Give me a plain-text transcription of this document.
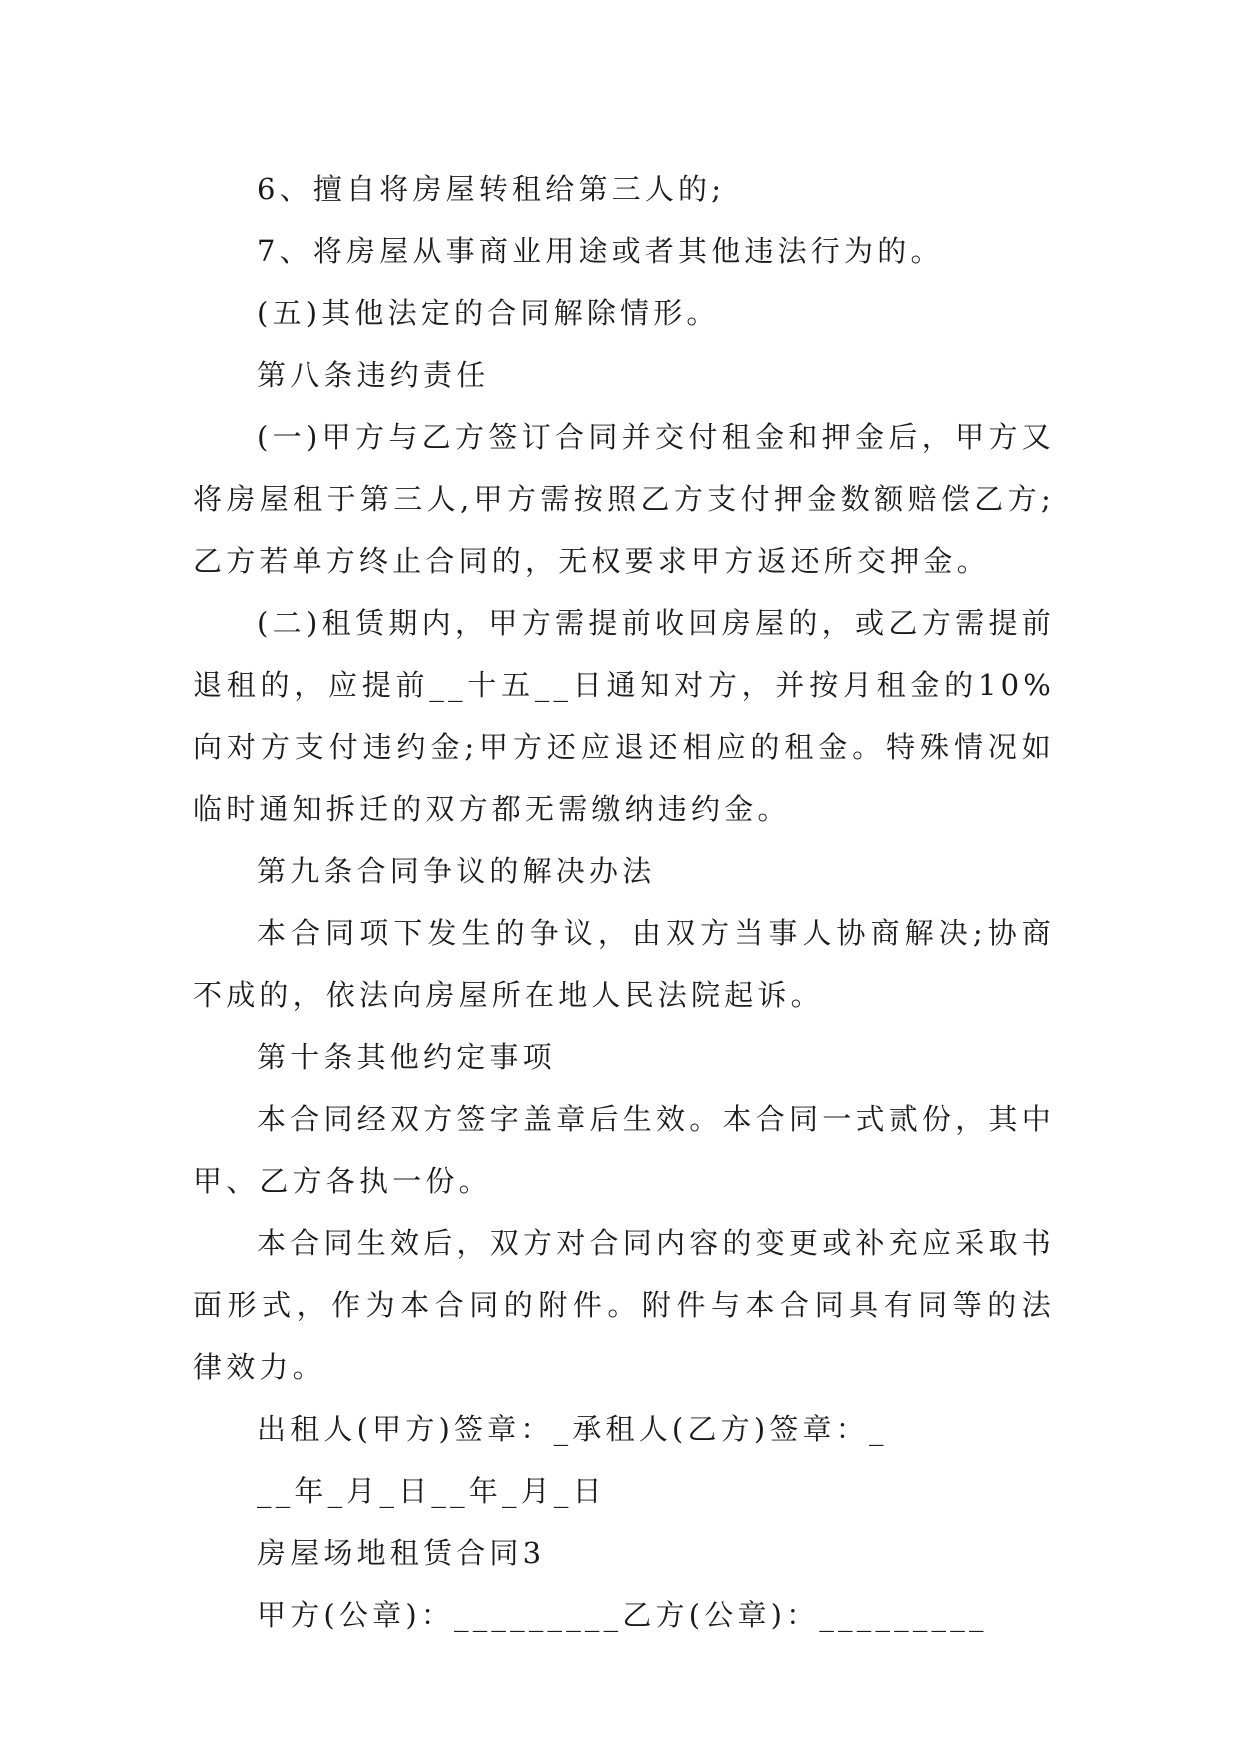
6、擅自将房屋转租给第三人的;

7、将房屋从事商业用途或者其他违法行为的。

(五)其他法定的合同解除情形。

第八条违约责任

(一)甲方与乙方签订合同并交付租金和押金后，甲方又将房屋租于第三人,甲方需按照乙方支付押金数额赔偿乙方;乙方若单方终止合同的，无权要求甲方返还所交押金。

(二)租赁期内，甲方需提前收回房屋的，或乙方需提前退租的，应提前__十五__日通知对方，并按月租金的10%向对方支付违约金;甲方还应退还相应的租金。特殊情况如临时通知拆迁的双方都无需缴纳违约金。

第九条合同争议的解决办法

本合同项下发生的争议，由双方当事人协商解决;协商不成的，依法向房屋所在地人民法院起诉。

第十条其他约定事项

本合同经双方签字盖章后生效。本合同一式贰份，其中甲、乙方各执一份。

本合同生效后，双方对合同内容的变更或补充应采取书面形式，作为本合同的附件。附件与本合同具有同等的法律效力。

出租人(甲方)签章：_承租人(乙方)签章：_

__年_月_日__年_月_日

房屋场地租赁合同3

甲方(公章)：_________乙方(公章)：_________
